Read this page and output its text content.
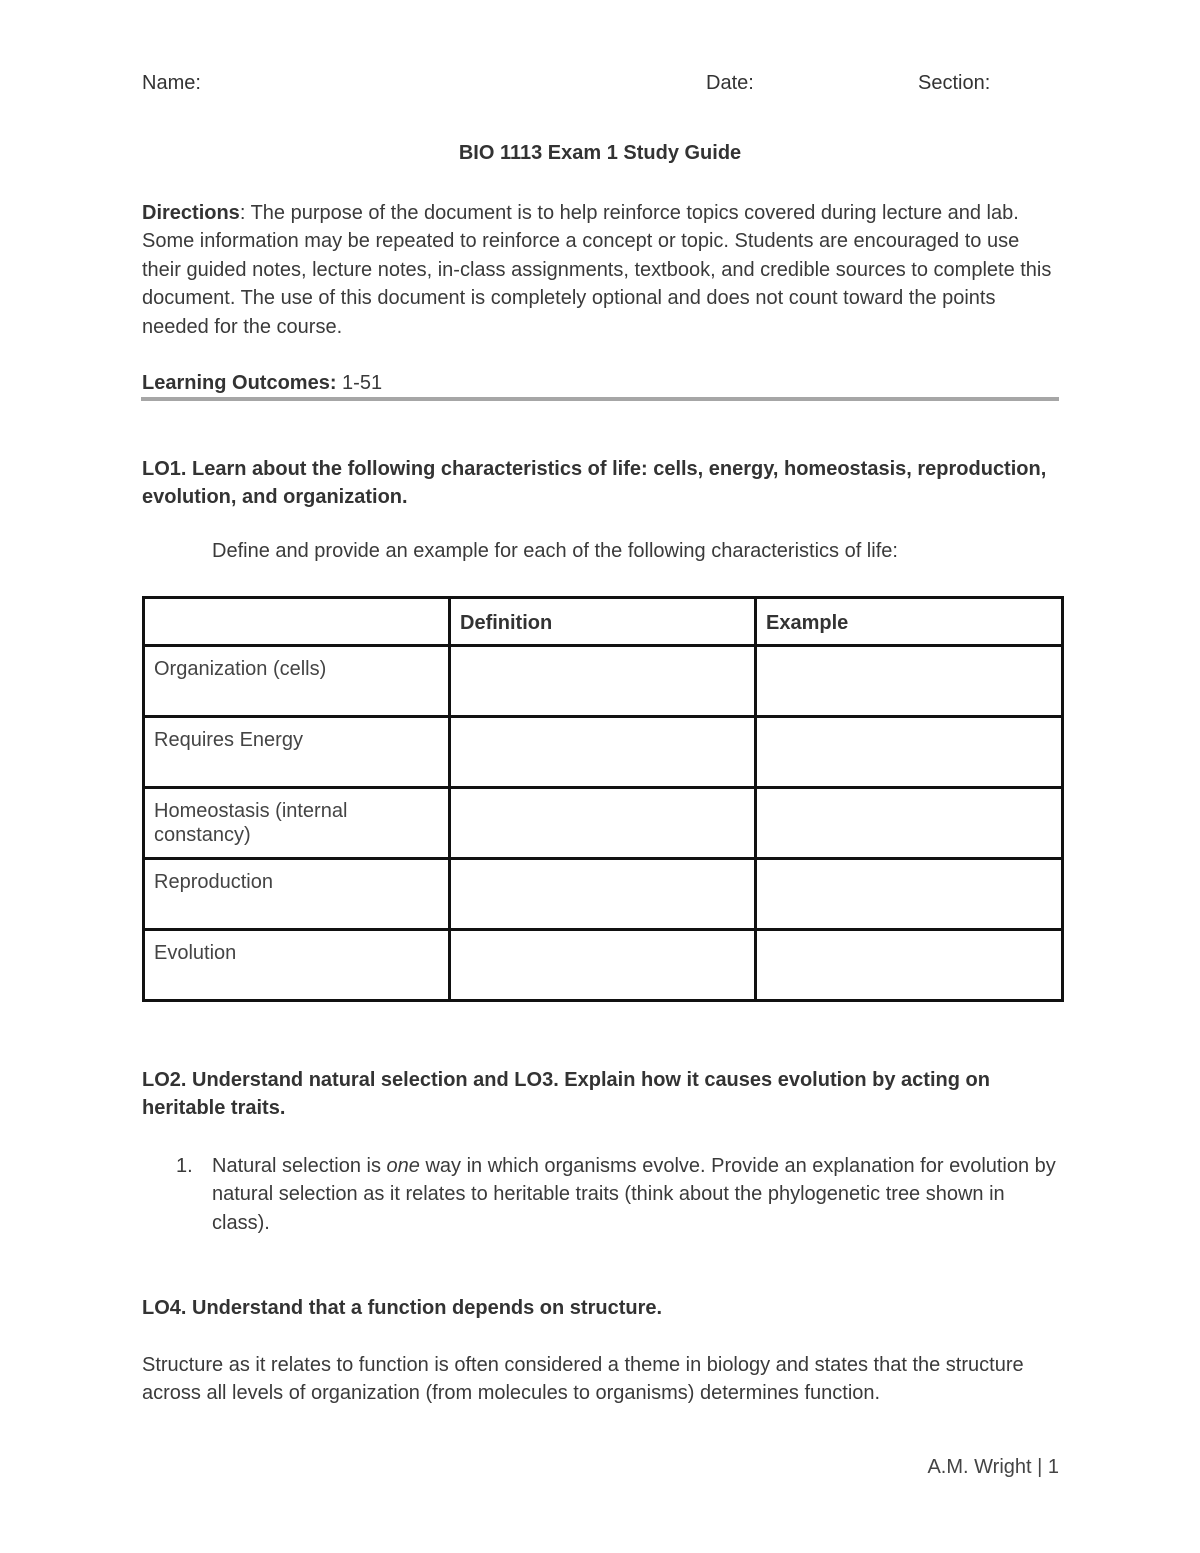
Name:	Date:	Section:
BIO 1113 Exam 1 Study Guide
Directions: The purpose of the document is to help reinforce topics covered during lecture and lab. Some information may be repeated to reinforce a concept or topic. Students are encouraged to use their guided notes, lecture notes, in-class assignments, textbook, and credible sources to complete this document. The use of this document is completely optional and does not count toward the points needed for the course.
Learning Outcomes: 1-51
LO1. Learn about the following characteristics of life: cells, energy, homeostasis, reproduction, evolution, and organization.
Define and provide an example for each of the following characteristics of life:
	Definition	Example
Organization (cells)		
Requires Energy		
Homeostasis (internal constancy)		
Reproduction		
Evolution		
LO2. Understand natural selection and LO3. Explain how it causes evolution by acting on heritable traits.
1. Natural selection is one way in which organisms evolve. Provide an explanation for evolution by natural selection as it relates to heritable traits (think about the phylogenetic tree shown in class).
LO4. Understand that a function depends on structure.
Structure as it relates to function is often considered a theme in biology and states that the structure across all levels of organization (from molecules to organisms) determines function.
A.M. Wright | 1
